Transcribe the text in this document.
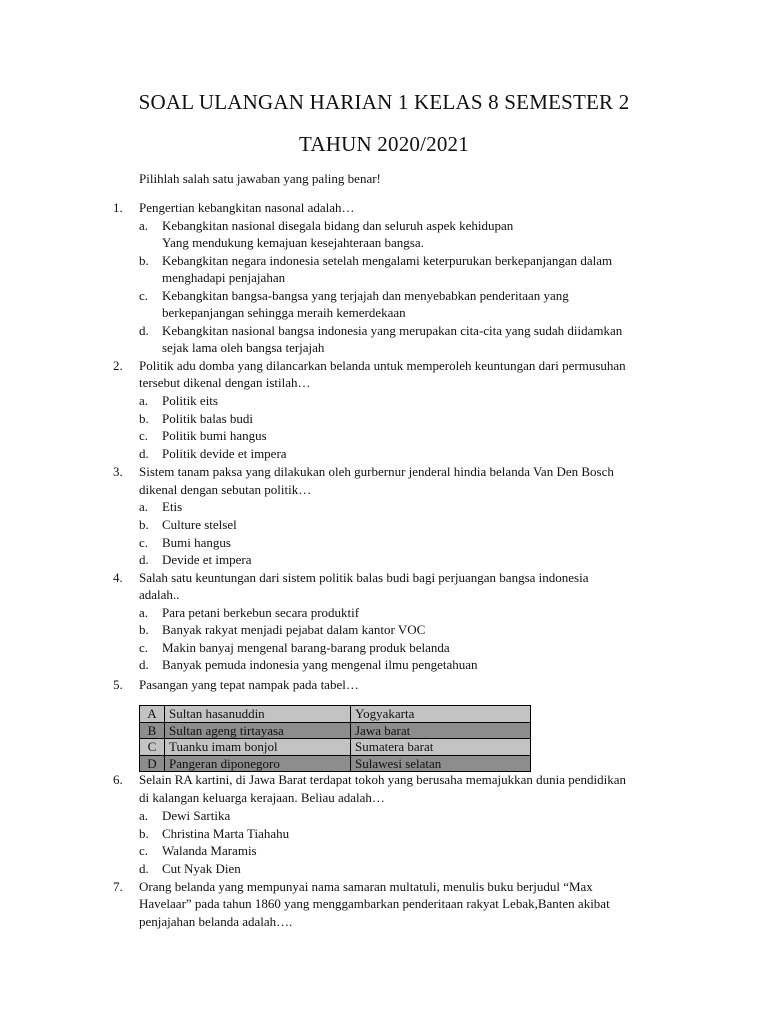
SOAL ULANGAN HARIAN 1 KELAS 8 SEMESTER 2
TAHUN 2020/2021
Pilihlah salah satu jawaban yang paling benar!
1. Pengertian kebangkitan nasonal adalah…
a. Kebangkitan nasional disegala bidang dan seluruh aspek kehidupan
Yang mendukung kemajuan kesejahteraan bangsa.
b. Kebangkitan negara indonesia setelah mengalami keterpurukan berkepanjangan dalam
menghadapi penjajahan
c. Kebangkitan bangsa-bangsa yang terjajah dan menyebabkan penderitaan yang
berkepanjangan sehingga meraih kemerdekaan
d. Kebangkitan nasional bangsa indonesia yang merupakan cita-cita yang sudah diidamkan
sejak lama oleh bangsa terjajah
2. Politik adu domba yang dilancarkan belanda untuk memperoleh keuntungan dari permusuhan
tersebut dikenal dengan istilah…
a. Politik eits
b. Politik balas budi
c. Politik bumi hangus
d. Politik devide et impera
3. Sistem tanam paksa yang dilakukan oleh gurbernur jenderal hindia belanda Van Den Bosch
dikenal dengan sebutan politik…
a. Etis
b. Culture stelsel
c. Bumi hangus
d. Devide et impera
4. Salah satu keuntungan dari sistem politik balas budi bagi perjuangan bangsa indonesia
adalah..
a. Para petani berkebun secara produktif
b. Banyak rakyat menjadi pejabat dalam kantor VOC
c. Makin banyaj mengenal barang-barang produk belanda
d. Banyak pemuda indonesia yang mengenal ilmu pengetahuan
5. Pasangan yang tepat nampak pada tabel…
A	Sultan hasanuddin	Yogyakarta
B	Sultan ageng tirtayasa	Jawa barat
C	Tuanku imam bonjol	Sumatera barat
D	Pangeran diponegoro	Sulawesi selatan
6. Selain RA kartini, di Jawa Barat terdapat tokoh yang berusaha memajukkan dunia pendidikan
di kalangan keluarga kerajaan. Beliau adalah…
a. Dewi Sartika
b. Christina Marta Tiahahu
c. Walanda Maramis
d. Cut Nyak Dien
7. Orang belanda yang mempunyai nama samaran multatuli, menulis buku berjudul “Max
Havelaar” pada tahun 1860 yang menggambarkan penderitaan rakyat Lebak,Banten akibat
penjajahan belanda adalah….
